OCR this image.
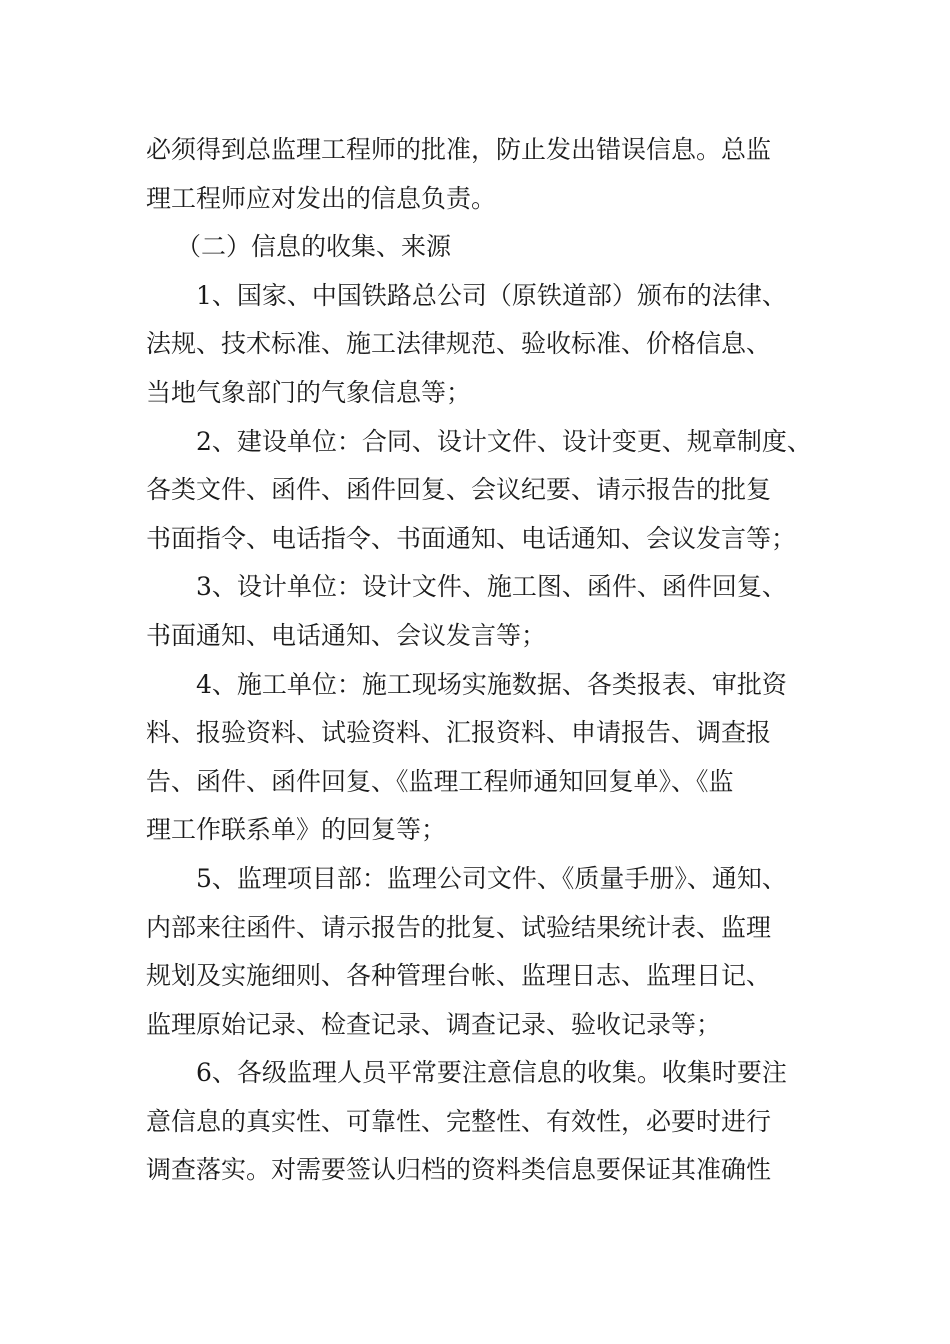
必须得到总监理工程师的批准，防止发出错误信息。总监
理工程师应对发出的信息负责。
（二）信息的收集、来源
1、国家、中国铁路总公司（原铁道部）颁布的法律、
法规、技术标准、施工法律规范、验收标准、价格信息、
当地气象部门的气象信息等；
2、建设单位：合同、设计文件、设计变更、规章制度、
各类文件、函件、函件回复、会议纪要、请示报告的批复
书面指令、电话指令、书面通知、电话通知、会议发言等；
3、设计单位：设计文件、施工图、函件、函件回复、
书面通知、电话通知、会议发言等；
4、施工单位：施工现场实施数据、各类报表、审批资
料、报验资料、试验资料、汇报资料、申请报告、调查报
告、函件、函件回复、《监理工程师通知回复单》、《监
理工作联系单》的回复等；
5、监理项目部：监理公司文件、《质量手册》、通知、
内部来往函件、请示报告的批复、试验结果统计表、监理
规划及实施细则、各种管理台帐、监理日志、监理日记、
监理原始记录、检查记录、调查记录、验收记录等；
6、各级监理人员平常要注意信息的收集。收集时要注
意信息的真实性、可靠性、完整性、有效性，必要时进行
调查落实。对需要签认归档的资料类信息要保证其准确性
